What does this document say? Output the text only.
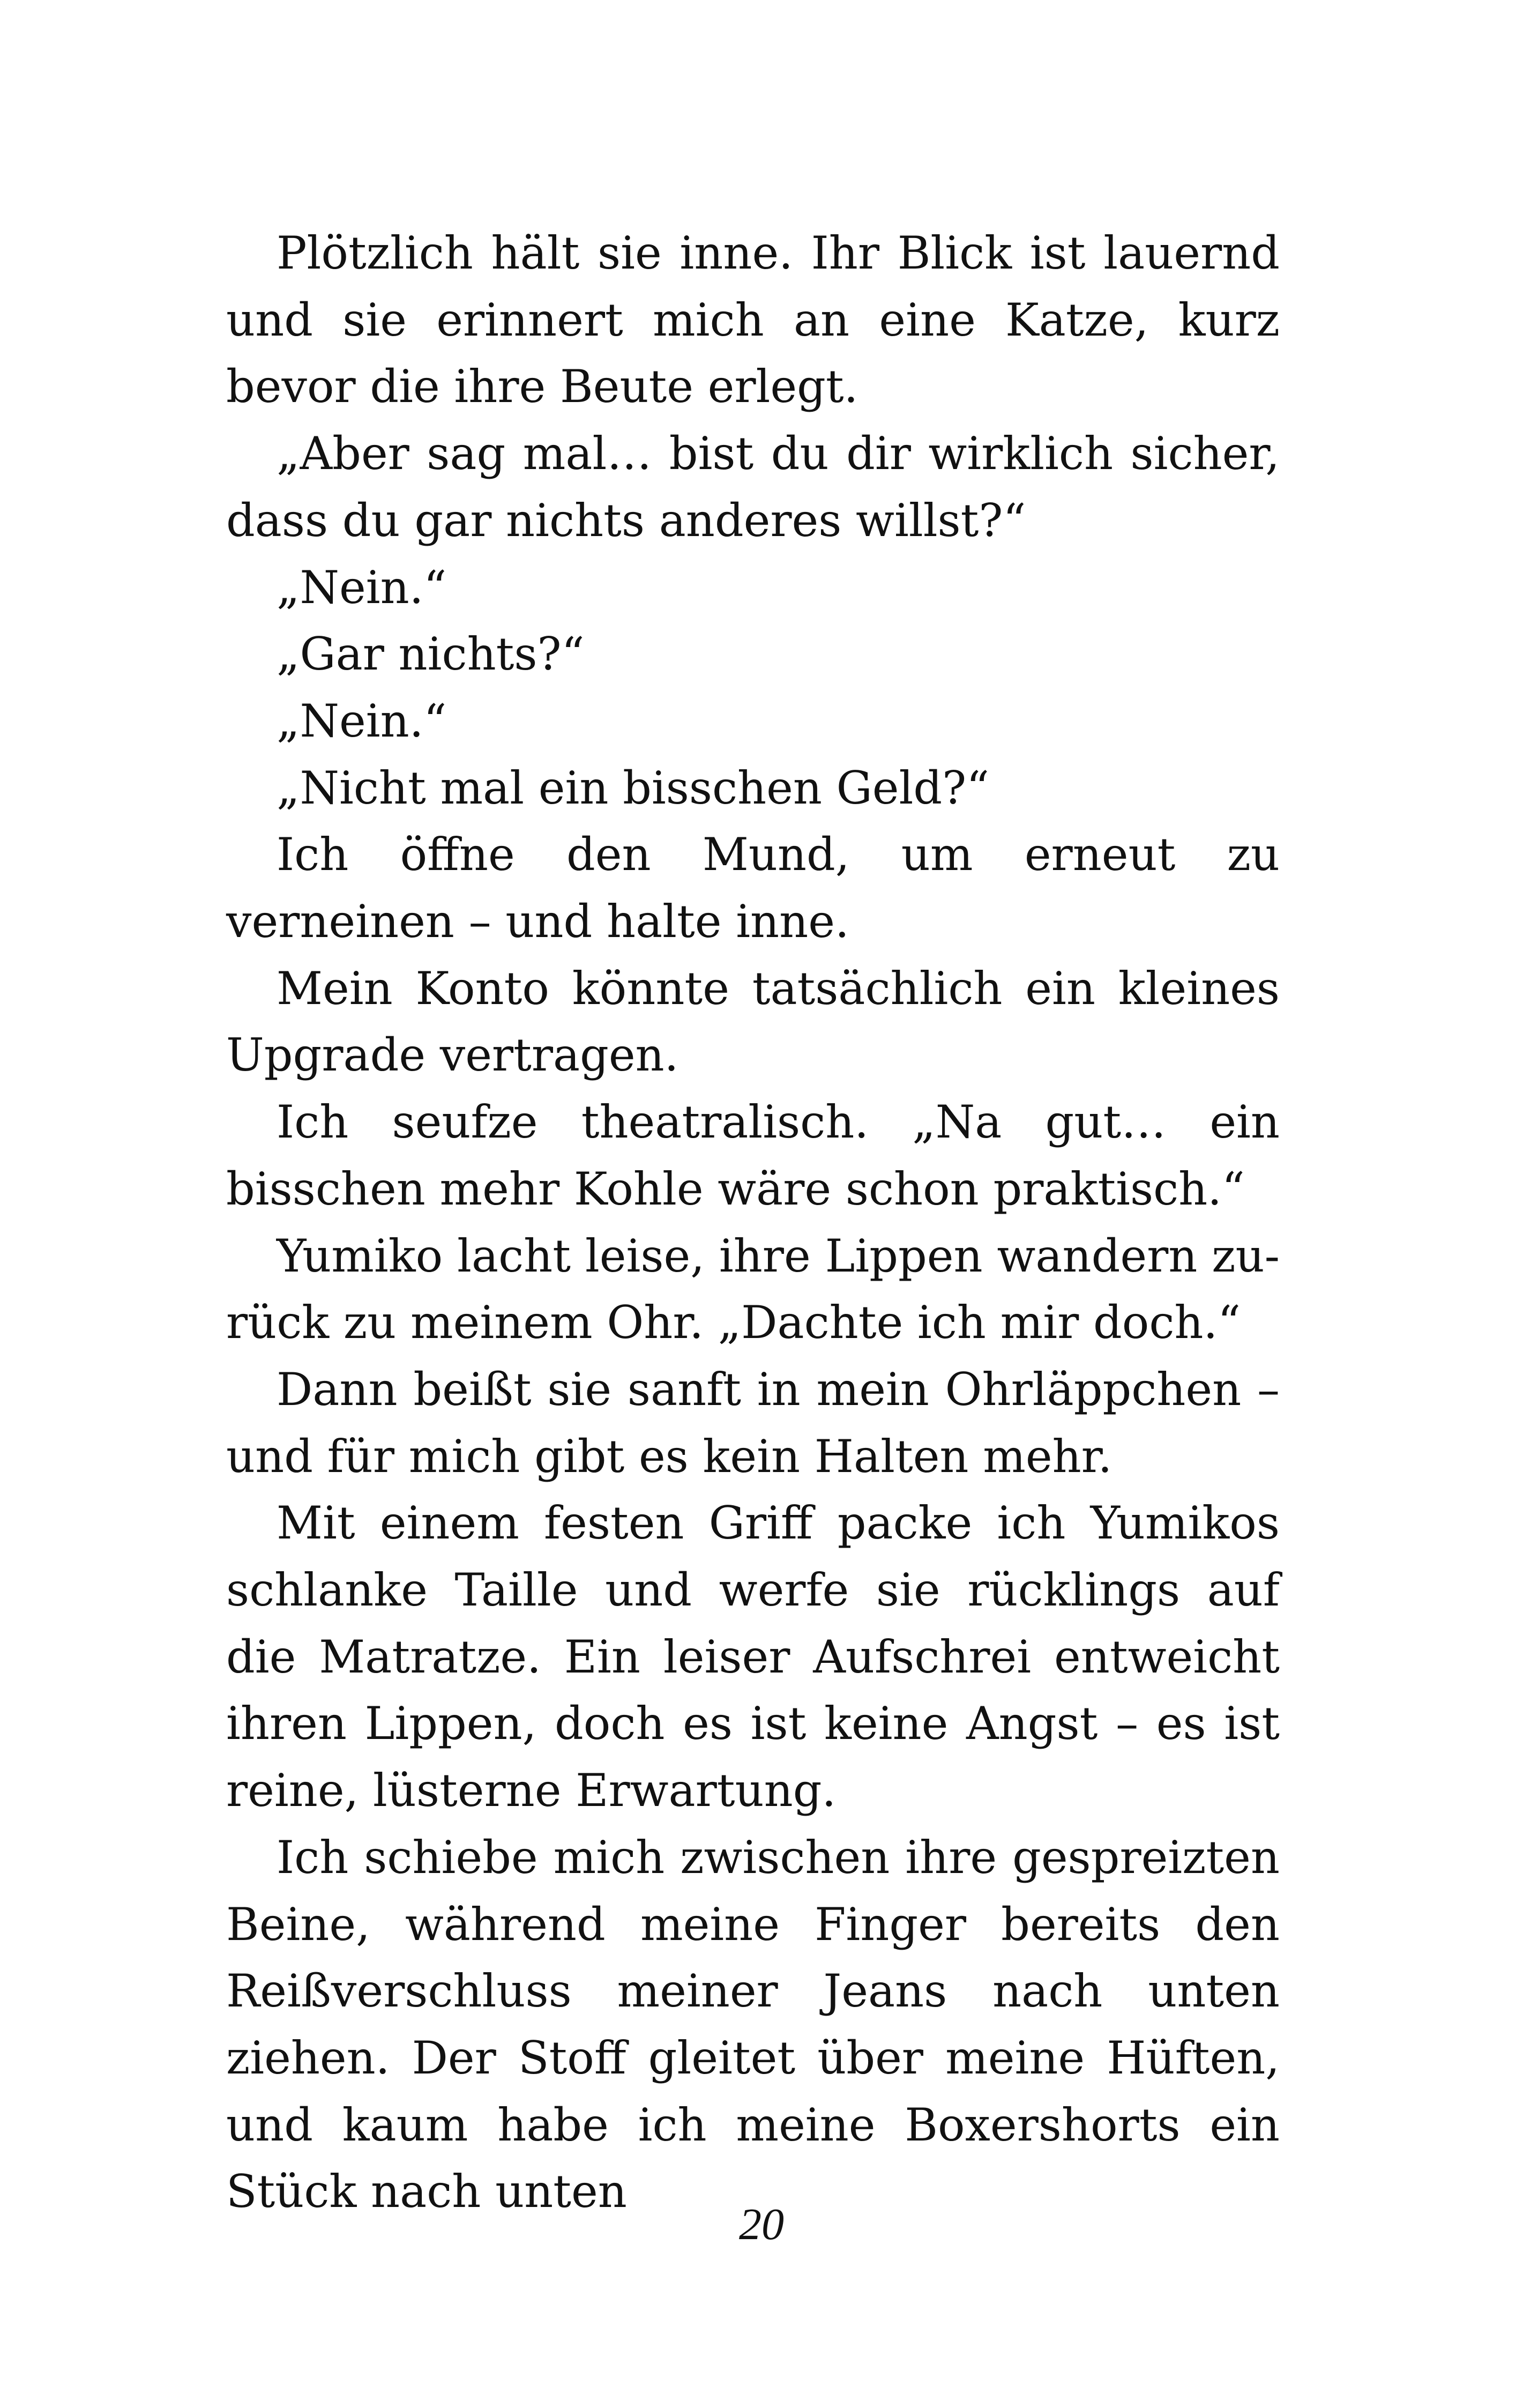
Plötzlich hält sie inne. Ihr Blick ist lauernd und sie erinnert mich an eine Katze, kurz bevor die ihre Beute erlegt.

„Aber sag mal… bist du dir wirklich sicher, dass du gar nichts anderes willst?“

„Nein.“

„Gar nichts?“

„Nein.“

„Nicht mal ein bisschen Geld?“

Ich öffne den Mund, um erneut zu verneinen – und halte inne.

Mein Konto könnte tatsächlich ein kleines Upgrade vertragen.

Ich seufze theatralisch. „Na gut… ein bisschen mehr Kohle wäre schon praktisch.“

Yumiko lacht leise, ihre Lippen wandern zurück zu meinem Ohr. „Dachte ich mir doch.“

Dann beißt sie sanft in mein Ohrläppchen – und für mich gibt es kein Halten mehr.

Mit einem festen Griff packe ich Yumikos schlanke Taille und werfe sie rücklings auf die Matratze. Ein leiser Aufschrei entweicht ihren Lippen, doch es ist keine Angst – es ist reine, lüsterne Erwartung.

Ich schiebe mich zwischen ihre gespreizten Beine, während meine Finger bereits den Reißverschluss meiner Jeans nach unten ziehen. Der Stoff gleitet über meine Hüften, und kaum habe ich meine Boxershorts ein Stück nach unten

20
